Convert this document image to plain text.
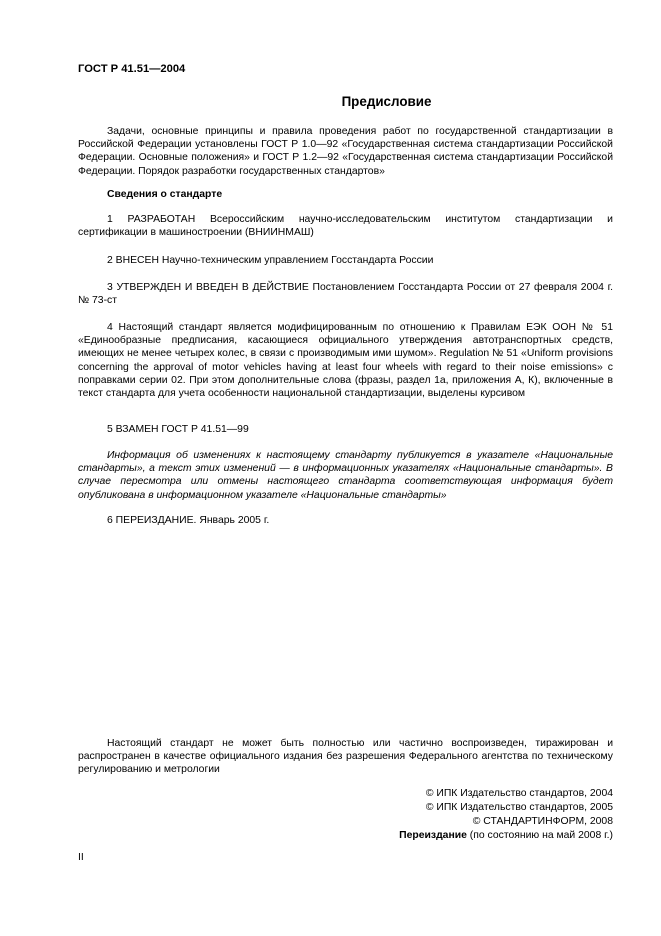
ГОСТ Р 41.51—2004
Предисловие

Задачи, основные принципы и правила проведения работ по государственной стандартизации в Российской Федерации установлены ГОСТ Р 1.0—92 «Государственная система стандартизации Российской Федерации. Основные положения» и ГОСТ Р 1.2—92 «Государственная система стандартизации Российской Федерации. Порядок разработки государственных стандартов»

Сведения о стандарте

1 РАЗРАБОТАН Всероссийским научно-исследовательским институтом стандартизации и сертификации в машиностроении (ВНИИНМАШ)

2 ВНЕСЕН Научно-техническим управлением Госстандарта России

3 УТВЕРЖДЕН И ВВЕДЕН В ДЕЙСТВИЕ Постановлением Госстандарта России от 27 февраля 2004 г. № 73-ст

4 Настоящий стандарт является модифицированным по отношению к Правилам ЕЭК ООН № 51 «Единообразные предписания, касающиеся официального утверждения автотранспортных средств, имеющих не менее четырех колес, в связи с производимым ими шумом». Regulation № 51 «Uniform provisions concerning the approval of motor vehicles having at least four wheels with regard to their noise emissions» с поправками серии 02. При этом дополнительные слова (фразы, раздел 1а, приложения А, К), включенные в текст стандарта для учета особенности национальной стандартизации, выделены курсивом

5 ВЗАМЕН ГОСТ Р 41.51—99

Информация об изменениях к настоящему стандарту публикуется в указателе «Национальные стандарты», а текст этих изменений — в информационных указателях «Национальные стандарты». В случае пересмотра или отмены настоящего стандарта соответствующая информация будет опубликована в информационном указателе «Национальные стандарты»

6 ПЕРЕИЗДАНИЕ. Январь 2005 г.

Настоящий стандарт не может быть полностью или частично воспроизведен, тиражирован и распространен в качестве официального издания без разрешения Федерального агентства по техническому регулированию и метрологии

© ИПК Издательство стандартов, 2004
© ИПК Издательство стандартов, 2005
© СТАНДАРТИНФОРМ, 2008
Переиздание (по состоянию на май 2008 г.)
II
